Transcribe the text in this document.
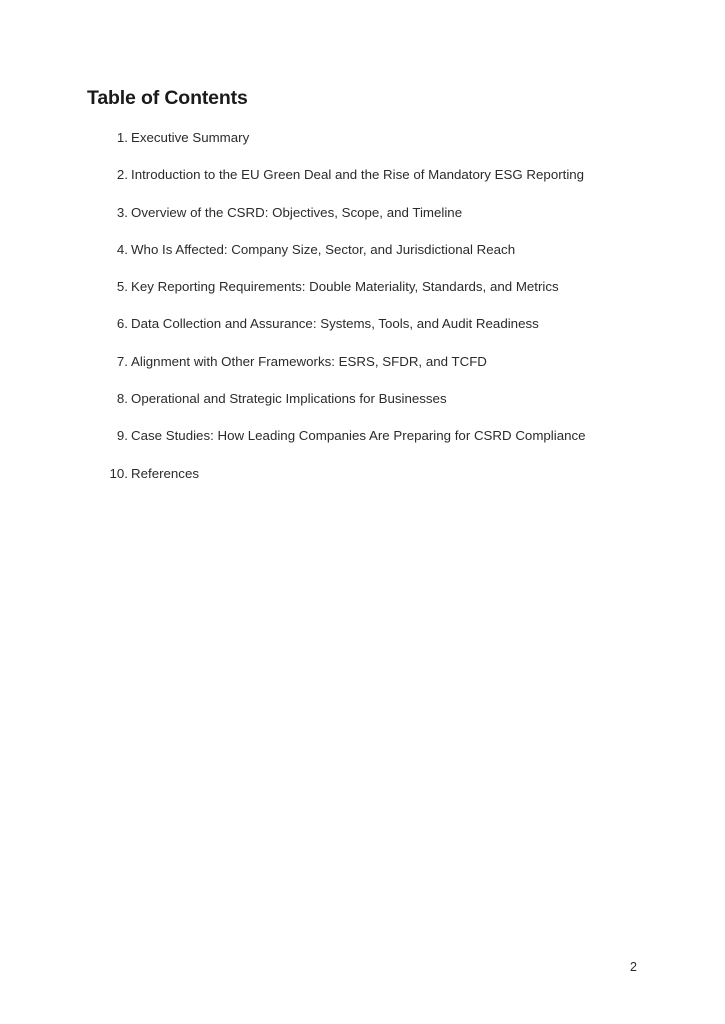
Table of Contents
1. Executive Summary
2. Introduction to the EU Green Deal and the Rise of Mandatory ESG Reporting
3. Overview of the CSRD: Objectives, Scope, and Timeline
4. Who Is Affected: Company Size, Sector, and Jurisdictional Reach
5. Key Reporting Requirements: Double Materiality, Standards, and Metrics
6. Data Collection and Assurance: Systems, Tools, and Audit Readiness
7. Alignment with Other Frameworks: ESRS, SFDR, and TCFD
8. Operational and Strategic Implications for Businesses
9. Case Studies: How Leading Companies Are Preparing for CSRD Compliance
10. References
2
